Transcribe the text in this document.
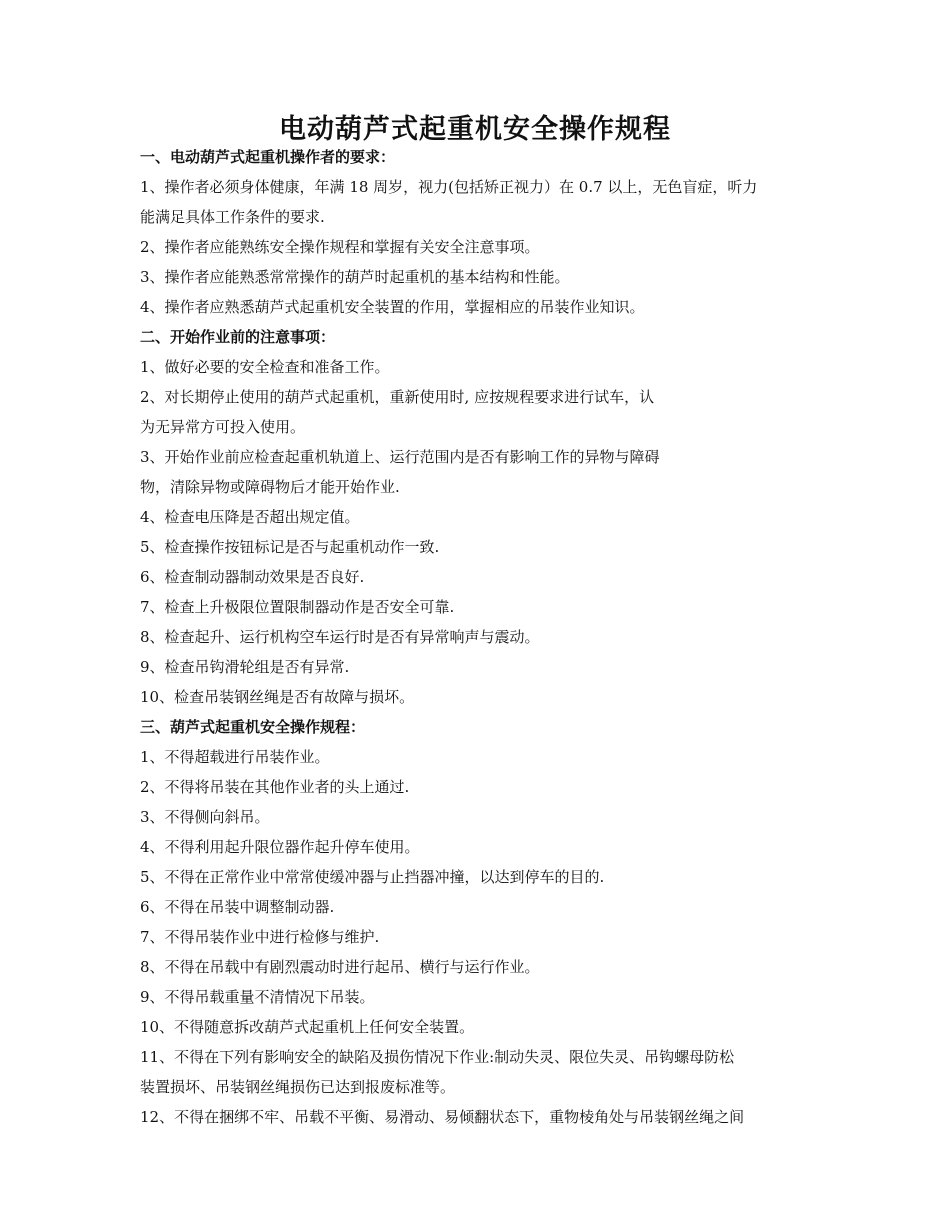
电动葫芦式起重机安全操作规程

一、电动葫芦式起重机操作者的要求：

1、操作者必须身体健康，年满 18 周岁，视力(包括矫正视力）在 0.7 以上，无色盲症，听力

能满足具体工作条件的要求.

2、操作者应能熟练安全操作规程和掌握有关安全注意事项。

3、操作者应能熟悉常常操作的葫芦时起重机的基本结构和性能。

4、操作者应熟悉葫芦式起重机安全装置的作用，掌握相应的吊装作业知识。

二、开始作业前的注意事项：

1、做好必要的安全检查和准备工作。

2、对长期停止使用的葫芦式起重机，重新使用时, 应按规程要求进行试车，认

为无异常方可投入使用。

3、开始作业前应检查起重机轨道上、运行范围内是否有影响工作的异物与障碍

物，清除异物或障碍物后才能开始作业.

4、检查电压降是否超出规定值。

5、检查操作按钮标记是否与起重机动作一致.

6、检查制动器制动效果是否良好.

7、检查上升极限位置限制器动作是否安全可靠.

8、检查起升、运行机构空车运行时是否有异常响声与震动。

9、检查吊钩滑轮组是否有异常.

10、检查吊装钢丝绳是否有故障与损坏。

三、葫芦式起重机安全操作规程：

1、不得超载进行吊装作业。

2、不得将吊装在其他作业者的头上通过.

3、不得侧向斜吊。

4、不得利用起升限位器作起升停车使用。

5、不得在正常作业中常常使缓冲器与止挡器冲撞，以达到停车的目的.

6、不得在吊装中调整制动器.

7、不得吊装作业中进行检修与维护.

8、不得在吊载中有剧烈震动时进行起吊、横行与运行作业。

9、不得吊载重量不清情况下吊装。

10、不得随意拆改葫芦式起重机上任何安全装置。

11、不得在下列有影响安全的缺陷及损伤情况下作业:制动失灵、限位失灵、吊钩螺母防松

装置损坏、吊装钢丝绳损伤已达到报废标准等。

12、不得在捆绑不牢、吊载不平衡、易滑动、易倾翻状态下，重物棱角处与吊装钢丝绳之间
